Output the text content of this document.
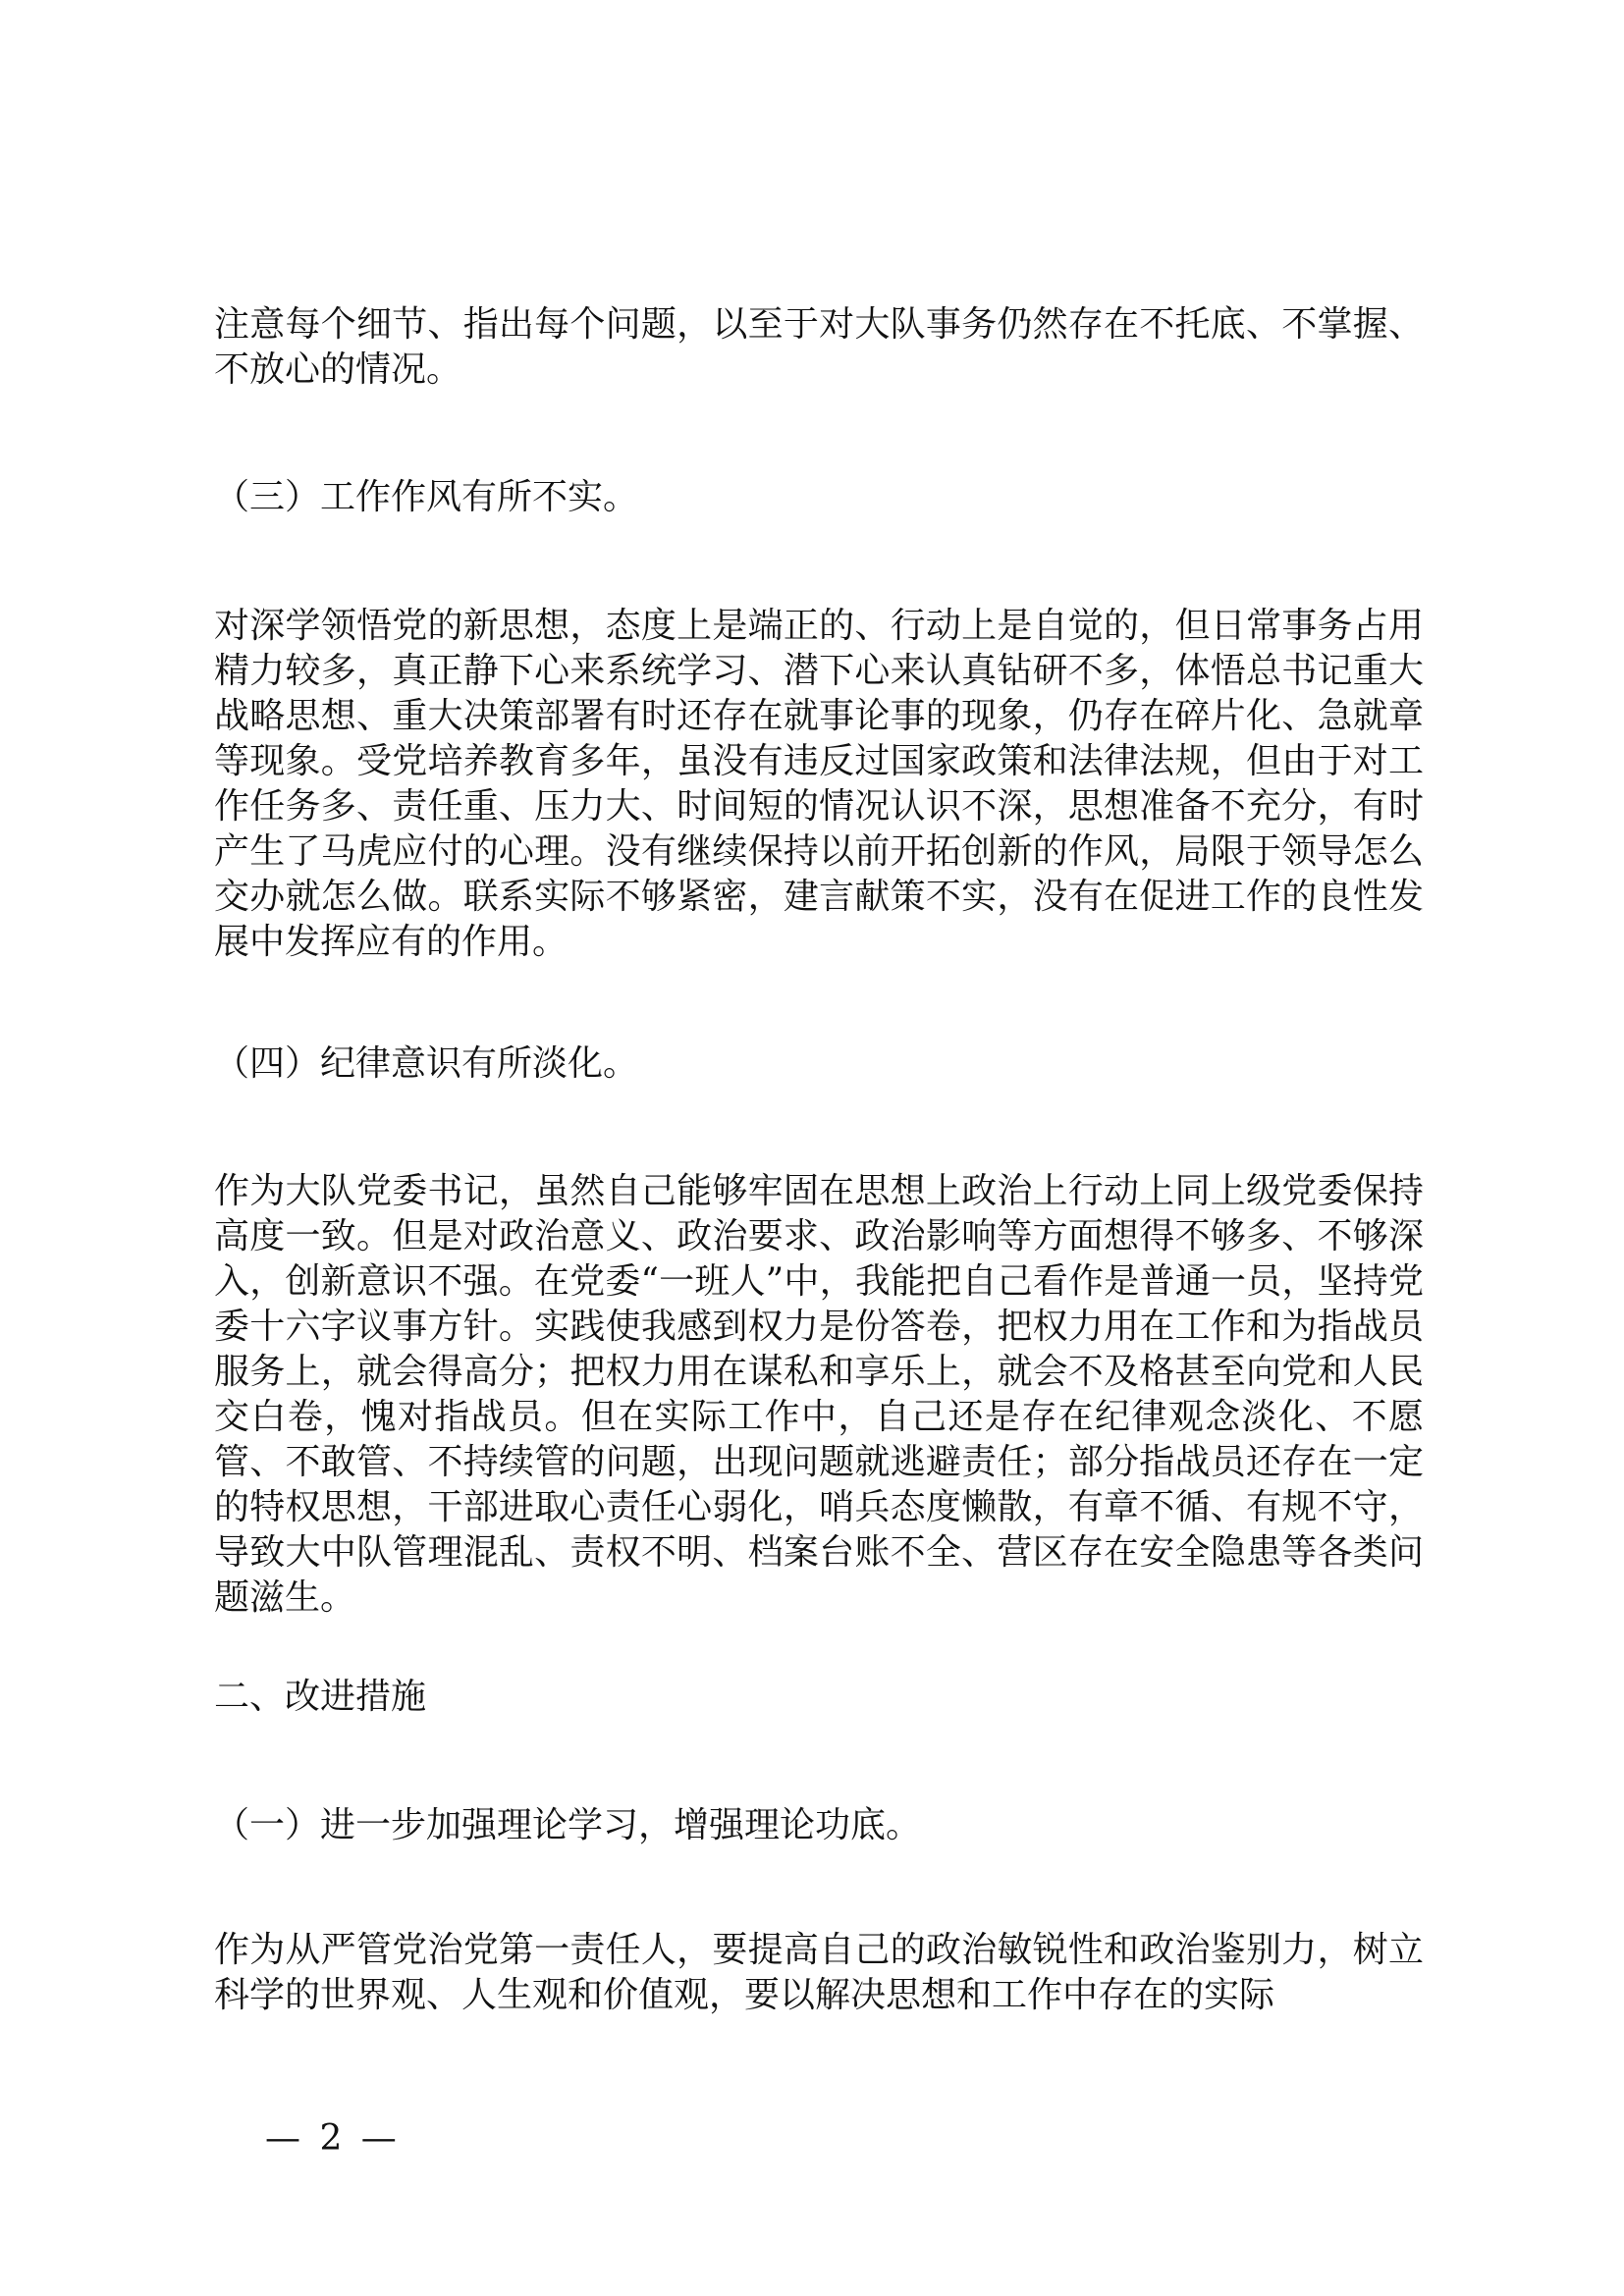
注意每个细节、指出每个问题，以至于对大队事务仍然存在不托底、不掌握、不放心的情况。

（三）工作作风有所不实。

对深学领悟党的新思想，态度上是端正的、行动上是自觉的，但日常事务占用精力较多，真正静下心来系统学习、潜下心来认真钻研不多，体悟总书记重大战略思想、重大决策部署有时还存在就事论事的现象，仍存在碎片化、急就章等现象。受党培养教育多年，虽没有违反过国家政策和法律法规，但由于对工作任务多、责任重、压力大、时间短的情况认识不深，思想准备不充分，有时产生了马虎应付的心理。没有继续保持以前开拓创新的作风，局限于领导怎么交办就怎么做。联系实际不够紧密，建言献策不实，没有在促进工作的良性发展中发挥应有的作用。

（四）纪律意识有所淡化。

作为大队党委书记，虽然自己能够牢固在思想上政治上行动上同上级党委保持高度一致。但是对政治意义、政治要求、政治影响等方面想得不够多、不够深入，创新意识不强。在党委“一班人”中，我能把自己看作是普通一员，坚持党委十六字议事方针。实践使我感到权力是份答卷，把权力用在工作和为指战员服务上，就会得高分；把权力用在谋私和享乐上，就会不及格甚至向党和人民交白卷，愧对指战员。但在实际工作中，自己还是存在纪律观念淡化、不愿管、不敢管、不持续管的问题，出现问题就逃避责任；部分指战员还存在一定的特权思想，干部进取心责任心弱化，哨兵态度懒散，有章不循、有规不守，导致大中队管理混乱、责权不明、档案台账不全、营区存在安全隐患等各类问题滋生。

二、改进措施

（一）进一步加强理论学习，增强理论功底。

作为从严管党治党第一责任人，要提高自己的政治敏锐性和政治鉴别力，树立科学的世界观、人生观和价值观，要以解决思想和工作中存在的实际

— 2 —
